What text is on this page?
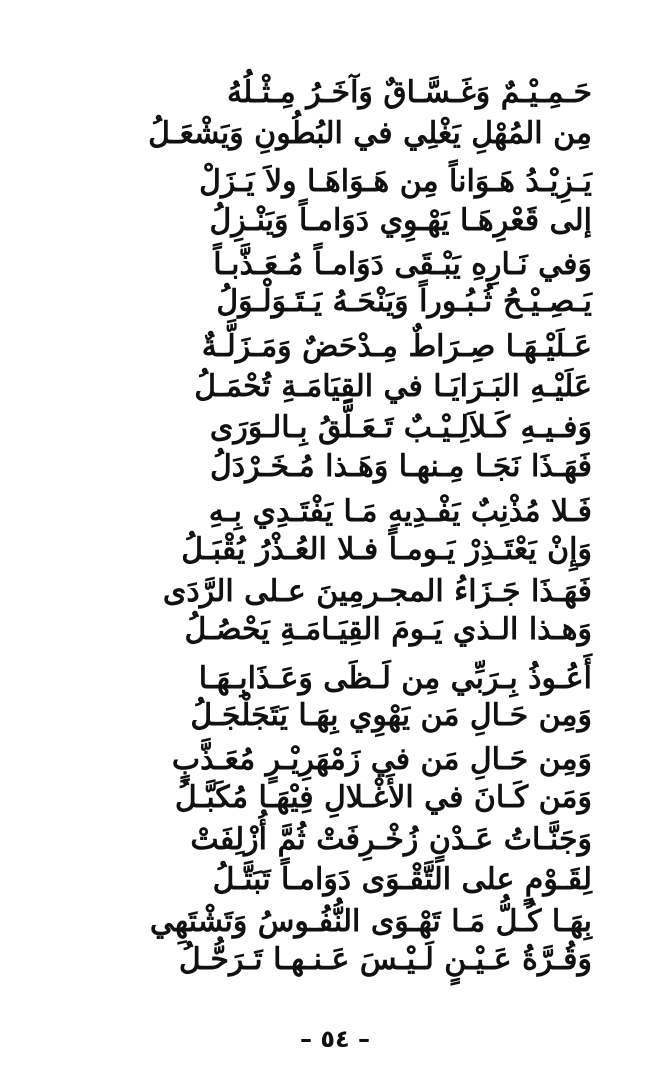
حَـمِـيْـمٌ وَغَـسَّـاقٌ وَآخَـرُ مِـثْـلُهُ
مِن المُهْلِ يَغْلِي في البُطُونِ وَيَشْعَـلُ
يَـزِيْـدُ هَـوَاناً مِن هَـوَاهَـا ولاَ يَـزَلْ
إلى قَعْرِهَـا يَهْـوِي دَوَامـاً وَيَنْـزِلُ
وَفي نَـارِهِ يَبْـقَى دَوَامـاً مُـعَـذَّبـاً
يَـصِـيْـحُ ثُـبُـوراً وَيَنْحَـهُ يَـتَـوَلْـوَلُ
عَـلَيْـهَـا صِـرَاطٌ مِـدْحَضٌ وَمَـزَلَّـةٌ
عَلَيْـهِ البَـرَايَـا في القِيَامَـةِ تُحْمَـلُ
وَفـيـهِ كَـلاَلِـيْـبٌ تَـعَـلَّقُ بِـالـوَرَى
فَهَـذَا نَجَـا مِـنهـا وَهَـذا مُـخَـرْدَلُ
فَـلا مُذْنِبٌ يَفْـدِيهِ مَـا يَفْتَـدِي بِـهِ
وَإِنْ يَعْتَـذِرْ يَـومـاً فـلا العُـذْرُ يُقْبَـلُ
فَهَـذَا جَـزَاءُ المجـرمِينَ عـلى الرَّدَى
وَهـذا الـذي يَـومَ القِيَـامَـةِ يَحْصُـلُ
أَعُـوذُ بِـرَبِّي مِن لَـظَى وَعَـذَابِـهَـا
وَمِن حَـالِ مَن يَهْوِي بِهَـا يَتَجَلْجَـلُ
وَمِن حَـالِ مَن في زَمْهَرِيْـرٍ مُعَـذَّبٍ
وَمَن كَـانَ في الأَغْـلالِ فِيْهَـا مُكَبَّـلُ
وَجَنَّـاتُ عَـدْنٍ زُخْـرِفَتْ ثُمَّ أُزْلِفَتْ
لِقَـوْمٍ على التَّقْـوَى دَوَامـاً تَبَتَّـلُ
بِهَـا كُـلُّ مَـا تَهْـوَى النُّفُـوسُ وَتَشْتَهِي
وَقُـرَّةُ عَـيْـنٍ لَـيْـسَ عَـنـهـا تَـرَحُّـلُ
– ٥٤ –
